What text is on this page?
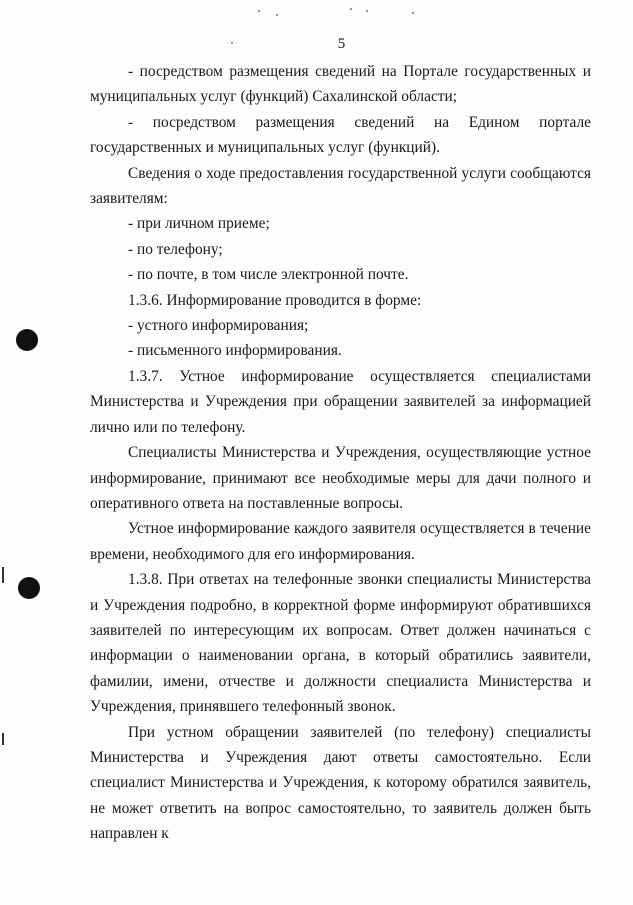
5

- посредством размещения сведений на Портале государственных и муниципальных услуг (функций) Сахалинской области;

- посредством размещения сведений на Едином портале государственных и муниципальных услуг (функций).

Сведения о ходе предоставления государственной услуги сообщаются заявителям:

- при личном приеме;

- по телефону;

- по почте, в том числе электронной почте.

1.3.6. Информирование проводится в форме:

- устного информирования;

- письменного информирования.

1.3.7. Устное информирование осуществляется специалистами Министерства и Учреждения при обращении заявителей за информацией лично или по телефону.

Специалисты Министерства и Учреждения, осуществляющие устное информирование, принимают все необходимые меры для дачи полного и оперативного ответа на поставленные вопросы.

Устное информирование каждого заявителя осуществляется в течение времени, необходимого для его информирования.

1.3.8. При ответах на телефонные звонки специалисты Министерства и Учреждения подробно, в корректной форме информируют обратившихся заявителей по интересующим их вопросам. Ответ должен начинаться с информации о наименовании органа, в который обратились заявители, фамилии, имени, отчестве и должности специалиста Министерства и Учреждения, принявшего телефонный звонок.

При устном обращении заявителей (по телефону) специалисты Министерства и Учреждения дают ответы самостоятельно. Если специалист Министерства и Учреждения, к которому обратился заявитель, не может ответить на вопрос самостоятельно, то заявитель должен быть направлен к
